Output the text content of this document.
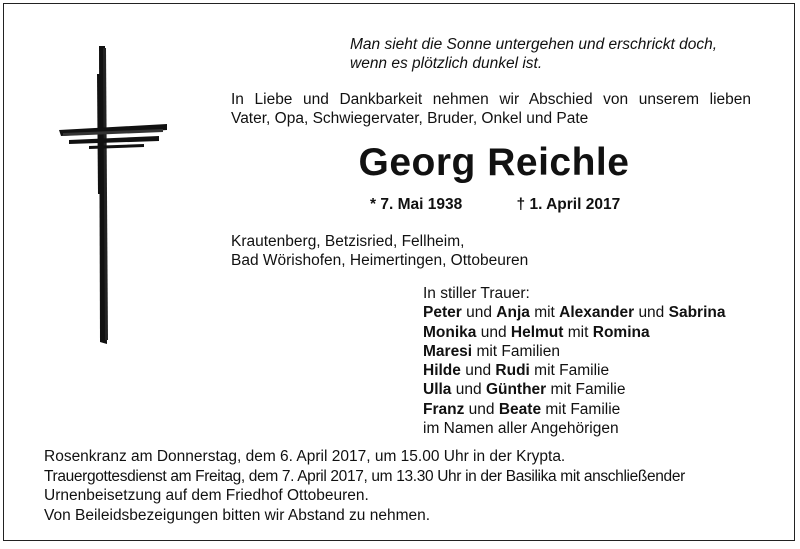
Man sieht die Sonne untergehen und erschrickt doch,
wenn es plötzlich dunkel ist.
In Liebe und Dankbarkeit nehmen wir Abschied von unserem lieben
Vater, Opa, Schwiegervater, Bruder, Onkel und Pate
Georg Reichle
* 7. Mai 1938	† 1. April 2017
Krautenberg, Betzisried, Fellheim,
Bad Wörishofen, Heimertingen, Ottobeuren
In stiller Trauer:
Peter und Anja mit Alexander und Sabrina
Monika und Helmut mit Romina
Maresi mit Familien
Hilde und Rudi mit Familie
Ulla und Günther mit Familie
Franz und Beate mit Familie
im Namen aller Angehörigen
Rosenkranz am Donnerstag, dem 6. April 2017, um 15.00 Uhr in der Krypta.
Trauergottesdienst am Freitag, dem 7. April 2017, um 13.30 Uhr in der Basilika mit anschließender
Urnenbeisetzung auf dem Friedhof Ottobeuren.
Von Beileidsbezeigungen bitten wir Abstand zu nehmen.
